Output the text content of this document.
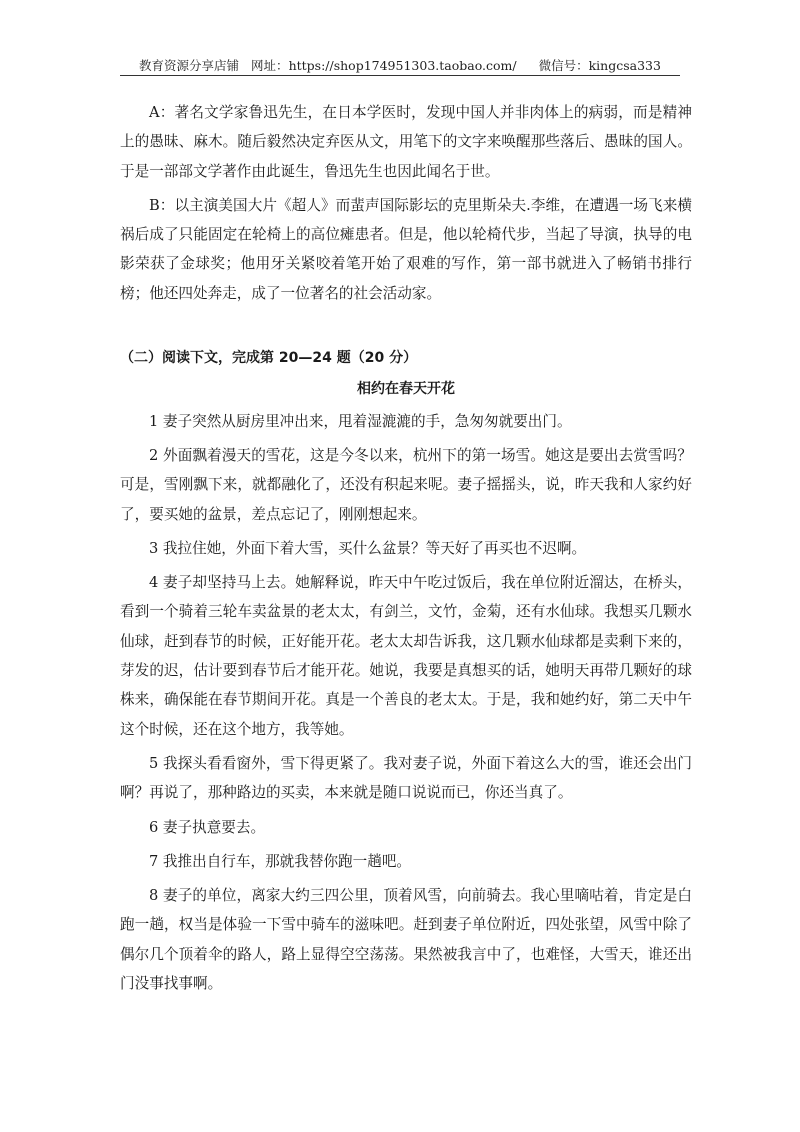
教育资源分享店铺 网址：https://shop174951303.taobao.com/ 微信号：kingcsa333

A：著名文学家鲁迅先生，在日本学医时，发现中国人并非肉体上的病弱，而是精神上的愚昧、麻木。随后毅然决定弃医从文，用笔下的文字来唤醒那些落后、愚昧的国人。于是一部部文学著作由此诞生，鲁迅先生也因此闻名于世。

B：以主演美国大片《超人》而蜚声国际影坛的克里斯朵夫.李维，在遭遇一场飞来横祸后成了只能固定在轮椅上的高位瘫患者。但是，他以轮椅代步，当起了导演，执导的电影荣获了金球奖；他用牙关紧咬着笔开始了艰难的写作，第一部书就进入了畅销书排行榜；他还四处奔走，成了一位著名的社会活动家。

（二）阅读下文，完成第 20—24 题（20 分）

相约在春天开花

1 妻子突然从厨房里冲出来，甩着湿漉漉的手，急匆匆就要出门。

2 外面飘着漫天的雪花，这是今冬以来，杭州下的第一场雪。她这是要出去赏雪吗？可是，雪刚飘下来，就都融化了，还没有积起来呢。妻子摇摇头，说，昨天我和人家约好了，要买她的盆景，差点忘记了，刚刚想起来。

3 我拉住她，外面下着大雪，买什么盆景？等天好了再买也不迟啊。

4 妻子却坚持马上去。她解释说，昨天中午吃过饭后，我在单位附近溜达，在桥头，看到一个骑着三轮车卖盆景的老太太，有剑兰，文竹，金菊，还有水仙球。我想买几颗水仙球，赶到春节的时候，正好能开花。老太太却告诉我，这几颗水仙球都是卖剩下来的，芽发的迟，估计要到春节后才能开花。她说，我要是真想买的话，她明天再带几颗好的球株来，确保能在春节期间开花。真是一个善良的老太太。于是，我和她约好，第二天中午这个时候，还在这个地方，我等她。

5 我探头看看窗外，雪下得更紧了。我对妻子说，外面下着这么大的雪，谁还会出门啊？再说了，那种路边的买卖，本来就是随口说说而已，你还当真了。

6 妻子执意要去。

7 我推出自行车，那就我替你跑一趟吧。

8 妻子的单位，离家大约三四公里，顶着风雪，向前骑去。我心里嘀咕着，肯定是白跑一趟，权当是体验一下雪中骑车的滋味吧。赶到妻子单位附近，四处张望，风雪中除了偶尔几个顶着伞的路人，路上显得空空荡荡。果然被我言中了，也难怪，大雪天，谁还出门没事找事啊。
